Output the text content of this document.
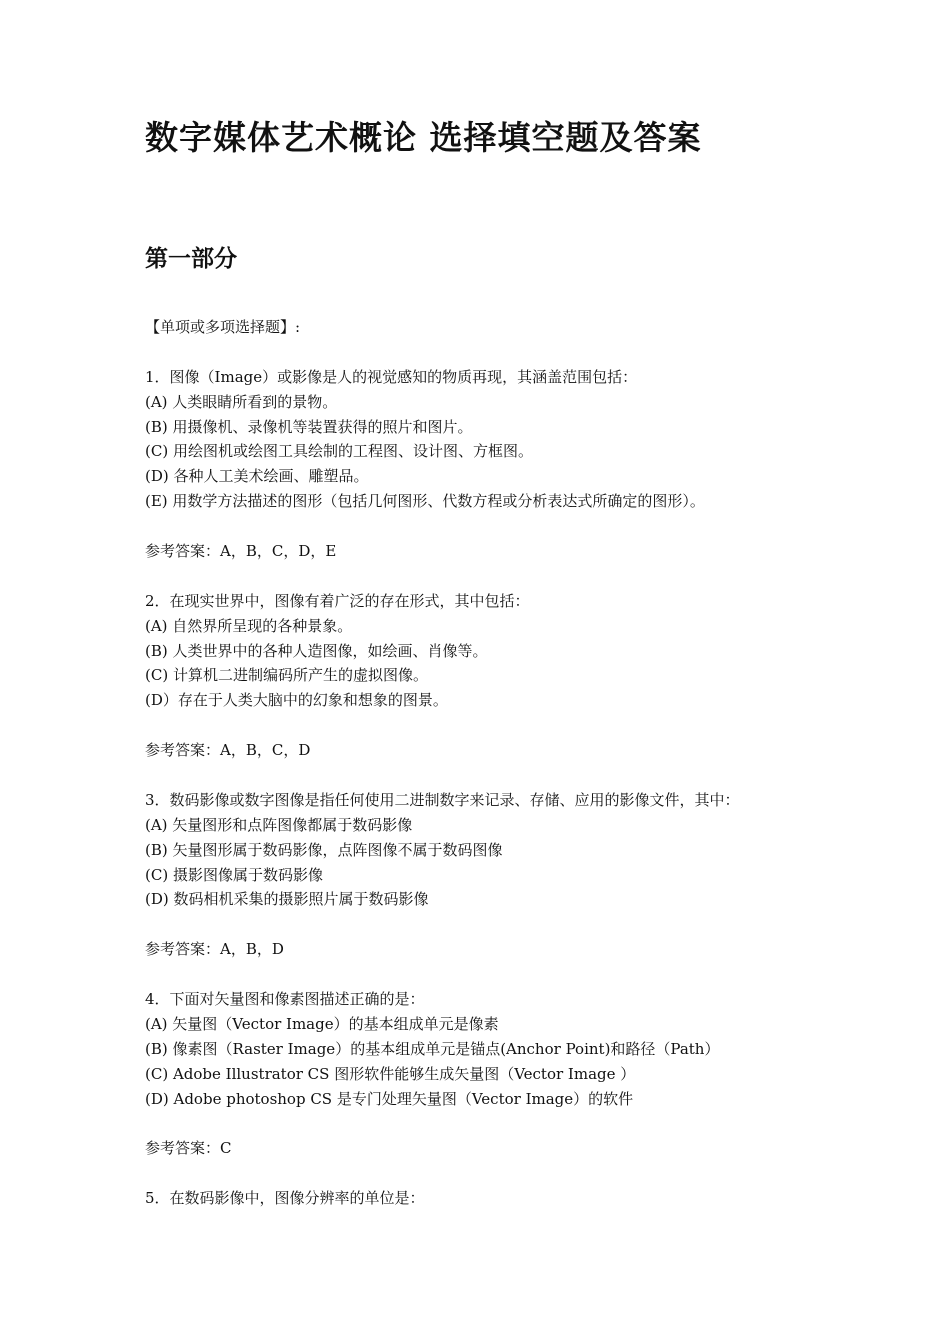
数字媒体艺术概论 选择填空题及答案
第一部分
【单项或多项选择题】:
1．图像（Image）或影像是人的视觉感知的物质再现，其涵盖范围包括：
(A) 人类眼睛所看到的景物。
(B) 用摄像机、录像机等装置获得的照片和图片。
(C) 用绘图机或绘图工具绘制的工程图、设计图、方框图。
(D) 各种人工美术绘画、雕塑品。
(E) 用数学方法描述的图形（包括几何图形、代数方程或分析表达式所确定的图形）。
参考答案：A，B，C，D，E
2．在现实世界中，图像有着广泛的存在形式，其中包括：
(A) 自然界所呈现的各种景象。
(B) 人类世界中的各种人造图像，如绘画、肖像等。
(C) 计算机二进制编码所产生的虚拟图像。
(D）存在于人类大脑中的幻象和想象的图景。
参考答案：A，B，C，D
3．数码影像或数字图像是指任何使用二进制数字来记录、存储、应用的影像文件，其中：
(A) 矢量图形和点阵图像都属于数码影像
(B) 矢量图形属于数码影像，点阵图像不属于数码图像
(C) 摄影图像属于数码影像
(D) 数码相机采集的摄影照片属于数码影像
参考答案：A，B，D
4．下面对矢量图和像素图描述正确的是：
(A) 矢量图（Vector Image）的基本组成单元是像素
(B) 像素图（Raster Image）的基本组成单元是锚点(Anchor Point)和路径（Path）
(C) Adobe Illustrator CS 图形软件能够生成矢量图（Vector Image ）
(D) Adobe photoshop CS 是专门处理矢量图（Vector Image）的软件
参考答案：C
5．在数码影像中，图像分辨率的单位是：
